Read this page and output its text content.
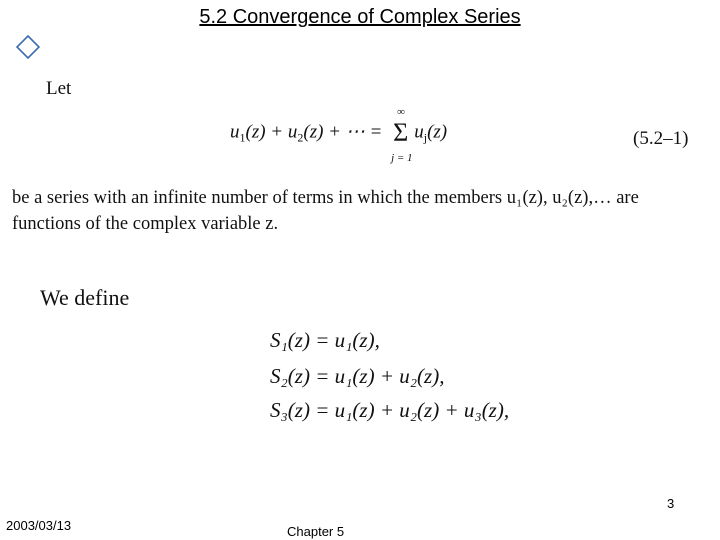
5.2 Convergence of Complex Series
Let
$u_1(z) + u_2(z)$ + ⋯ = Σ
∞
j = 1
$u_j(z)$	(5.2–1)
be a series with an infinite number of terms in which the members u₁(z), u₂(z),… are functions of the complex variable z.
We define
S₁(z) = u₁(z),
S₂(z) = u₁(z) + u₂(z),
S₃(z) = u₁(z) + u₂(z) + u₃(z),
3
2003/03/13	Chapter 5
